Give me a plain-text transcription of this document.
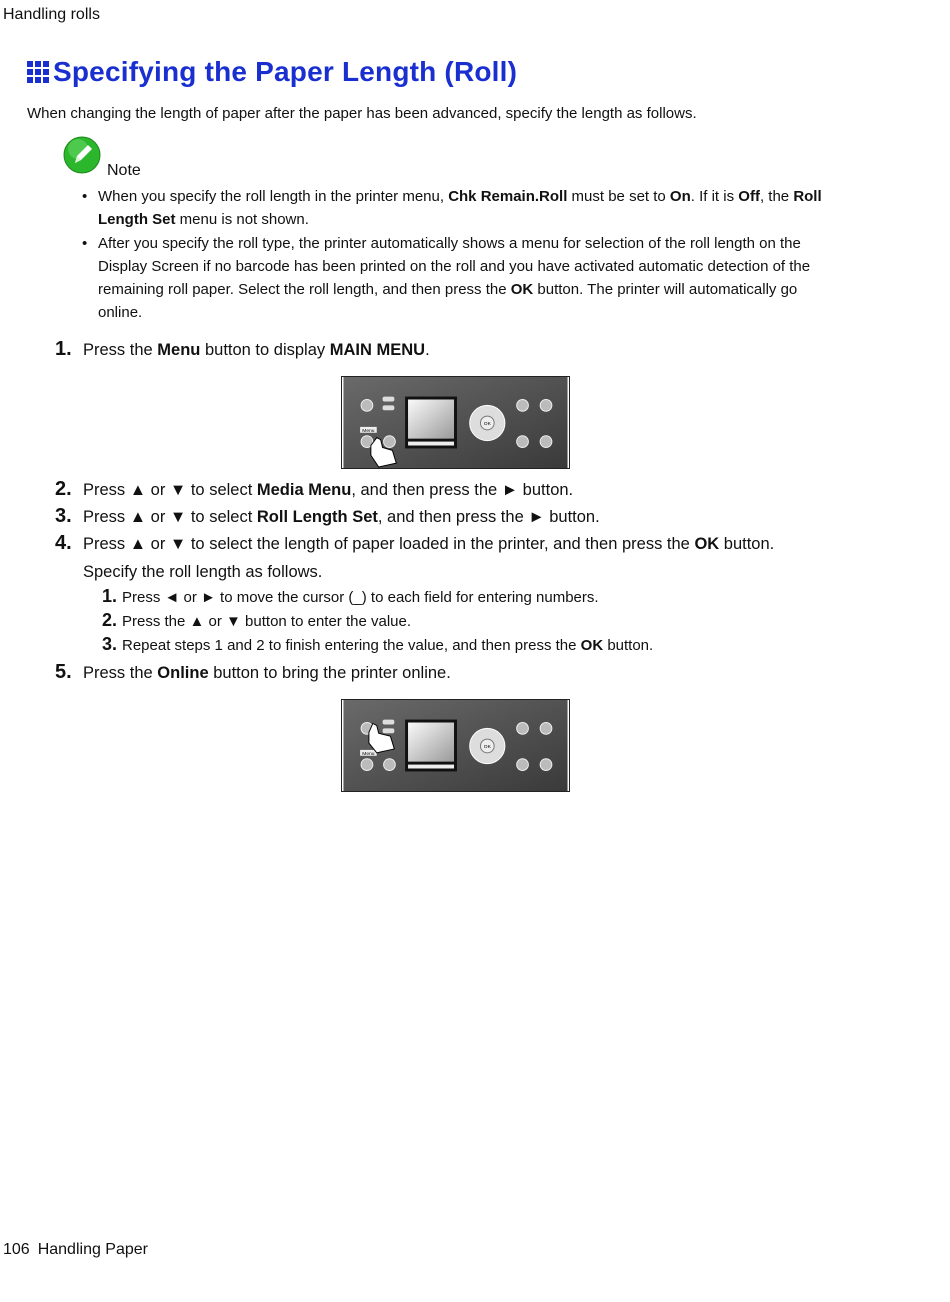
Handling rolls
Specifying the Paper Length (Roll)
When changing the length of paper after the paper has been advanced, specify the length as follows.
Note
• When you specify the roll length in the printer menu, Chk Remain.Roll must be set to On. If it is Off, the Roll Length Set menu is not shown.
• After you specify the roll type, the printer automatically shows a menu for selection of the roll length on the Display Screen if no barcode has been printed on the roll and you have activated automatic detection of the remaining roll paper. Select the roll length, and then press the OK button. The printer will automatically go online.
1. Press the Menu button to display MAIN MENU.
Menu
OK
2. Press ▲ or ▼ to select Media Menu, and then press the ► button.
3. Press ▲ or ▼ to select Roll Length Set, and then press the ► button.
4. Press ▲ or ▼ to select the length of paper loaded in the printer, and then press the OK button.
Specify the roll length as follows.
1. Press ◄ or ► to move the cursor (_) to each field for entering numbers.
2. Press the ▲ or ▼ button to enter the value.
3. Repeat steps 1 and 2 to finish entering the value, and then press the OK button.
5. Press the Online button to bring the printer online.
Menu
OK
106 Handling Paper
